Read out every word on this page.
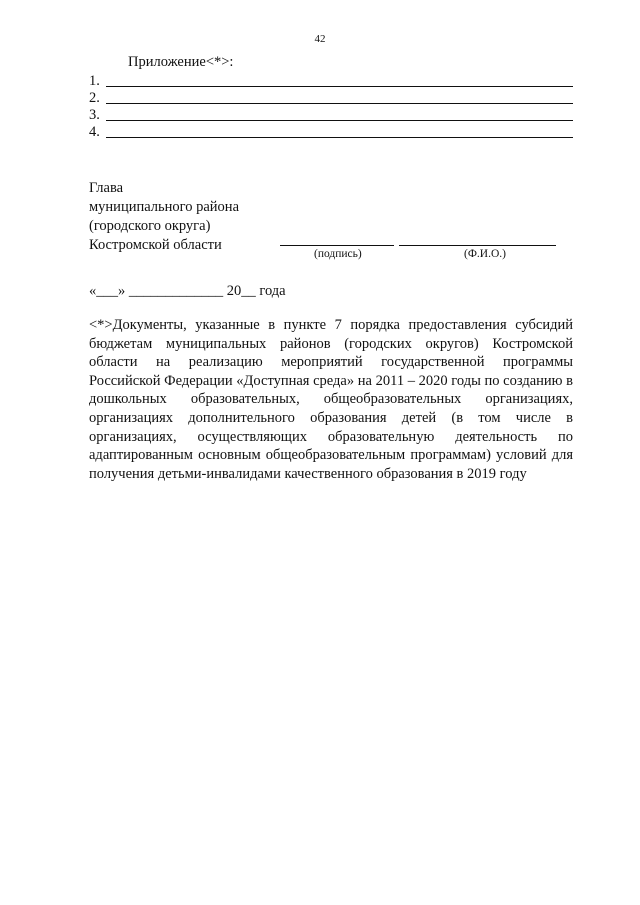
42
Приложение<*>:
1.
2.
3.
4.
Глава
муниципального района
(городского округа)
Костромской области
(подпись)	(Ф.И.О.)
«___» _____________ 20__ года
<*>Документы, указанные в пункте 7 порядка предоставления субсидий бюджетам муниципальных районов (городских округов) Костромской области на реализацию мероприятий государственной программы Российской Федерации «Доступная среда» на 2011 – 2020 годы по созданию в дошкольных образовательных, общеобразовательных организациях, организациях дополнительного образования детей (в том числе в организациях, осуществляющих образовательную деятельность по адаптированным основным общеобразовательным программам) условий для получения детьми-инвалидами качественного образования в 2019 году
